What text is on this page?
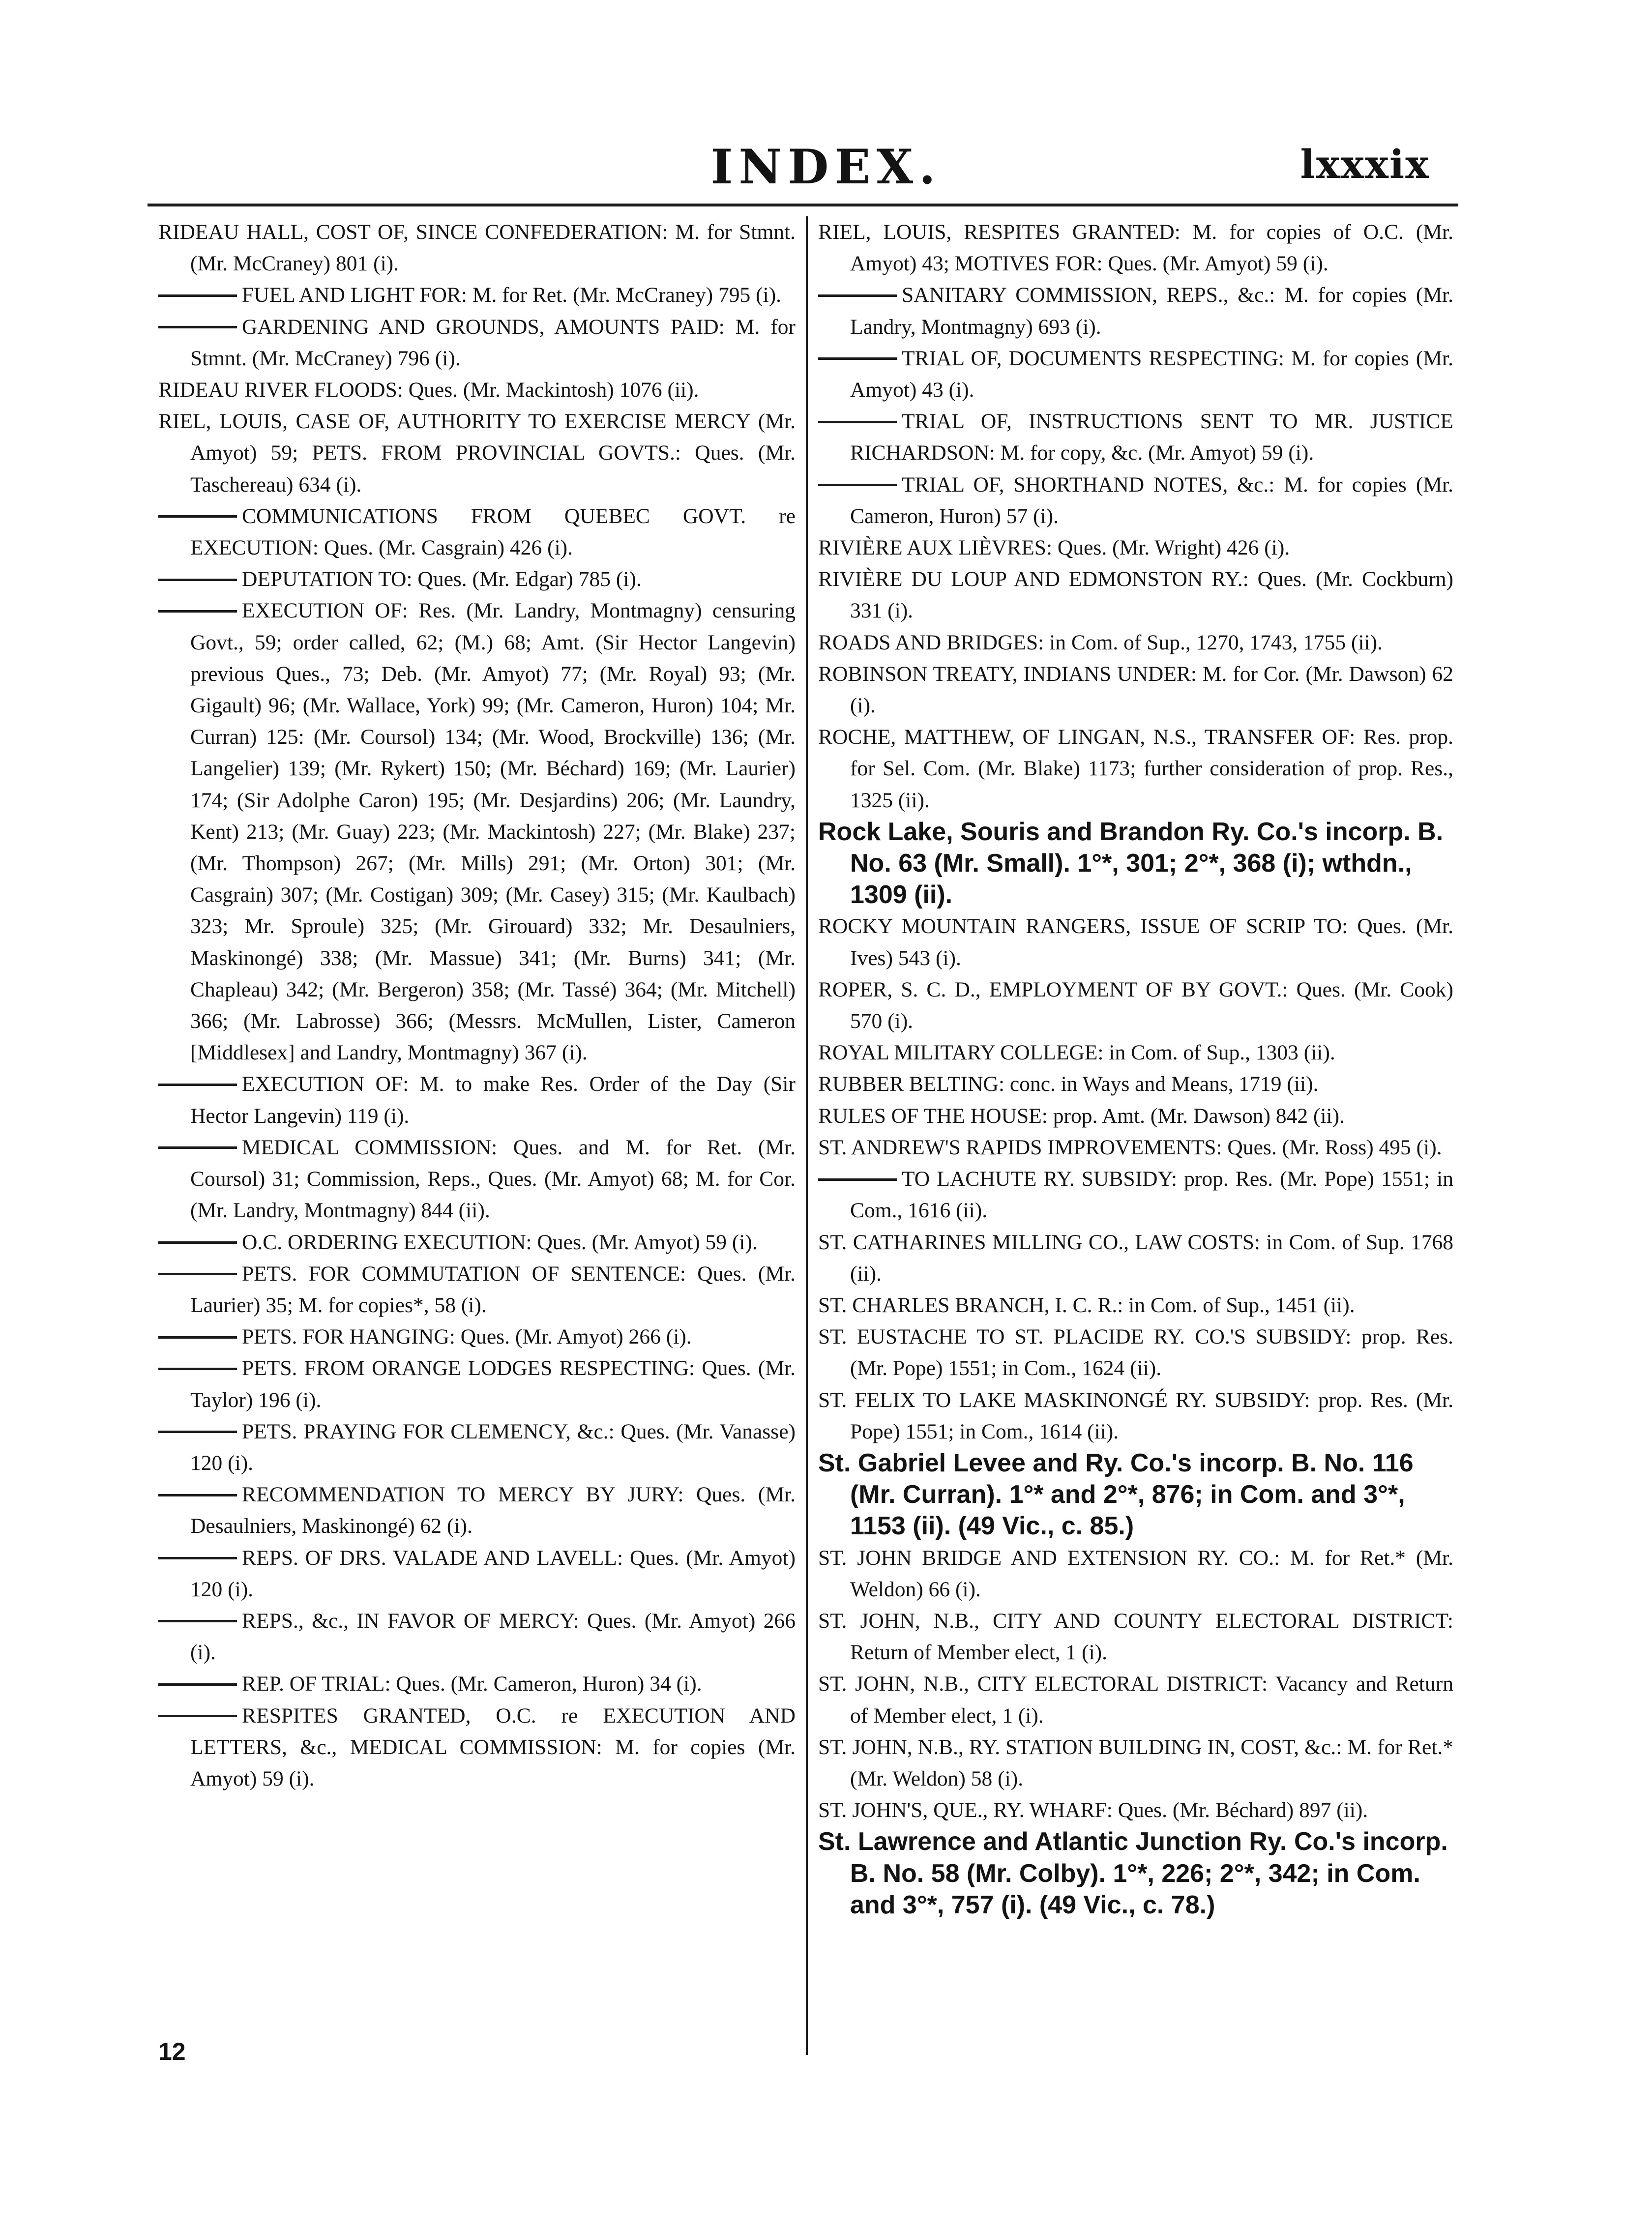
INDEX.	lxxxix

RIDEAU HALL, COST OF, SINCE CONFEDERATION: M. for Stmnt. (Mr. McCraney) 801 (i).

FUEL AND LIGHT FOR: M. for Ret. (Mr. McCraney) 795 (i).

GARDENING AND GROUNDS, AMOUNTS PAID: M. for Stmnt. (Mr. McCraney) 796 (i).

RIDEAU RIVER FLOODS: Ques. (Mr. Mackintosh) 1076 (ii).

RIEL, LOUIS, CASE OF, AUTHORITY TO EXERCISE MERCY (Mr. Amyot) 59; PETS. FROM PROVINCIAL GOVTS.: Ques. (Mr. Taschereau) 634 (i).

COMMUNICATIONS FROM QUEBEC GOVT. re EXECUTION: Ques. (Mr. Casgrain) 426 (i).

DEPUTATION TO: Ques. (Mr. Edgar) 785 (i).

EXECUTION OF: Res. (Mr. Landry, Montmagny) censuring Govt., 59; order called, 62; (M.) 68; Amt. (Sir Hector Langevin) previous Ques., 73; Deb. (Mr. Amyot) 77; (Mr. Royal) 93; (Mr. Gigault) 96; (Mr. Wallace, York) 99; (Mr. Cameron, Huron) 104; Mr. Curran) 125: (Mr. Coursol) 134; (Mr. Wood, Brockville) 136; (Mr. Langelier) 139; (Mr. Rykert) 150; (Mr. Béchard) 169; (Mr. Laurier) 174; (Sir Adolphe Caron) 195; (Mr. Desjardins) 206; (Mr. Laundry, Kent) 213; (Mr. Guay) 223; (Mr. Mackintosh) 227; (Mr. Blake) 237; (Mr. Thompson) 267; (Mr. Mills) 291; (Mr. Orton) 301; (Mr. Casgrain) 307; (Mr. Costigan) 309; (Mr. Casey) 315; (Mr. Kaulbach) 323; Mr. Sproule) 325; (Mr. Girouard) 332; Mr. Desaulniers, Maskinongé) 338; (Mr. Massue) 341; (Mr. Burns) 341; (Mr. Chapleau) 342; (Mr. Bergeron) 358; (Mr. Tassé) 364; (Mr. Mitchell) 366; (Mr. Labrosse) 366; (Messrs. McMullen, Lister, Cameron [Middlesex] and Landry, Montmagny) 367 (i).

EXECUTION OF: M. to make Res. Order of the Day (Sir Hector Langevin) 119 (i).

MEDICAL COMMISSION: Ques. and M. for Ret. (Mr. Coursol) 31; Commission, Reps., Ques. (Mr. Amyot) 68; M. for Cor. (Mr. Landry, Montmagny) 844 (ii).

O.C. ORDERING EXECUTION: Ques. (Mr. Amyot) 59 (i).

PETS. FOR COMMUTATION OF SENTENCE: Ques. (Mr. Laurier) 35; M. for copies*, 58 (i).

PETS. FOR HANGING: Ques. (Mr. Amyot) 266 (i).

PETS. FROM ORANGE LODGES RESPECTING: Ques. (Mr. Taylor) 196 (i).

PETS. PRAYING FOR CLEMENCY, &c.: Ques. (Mr. Vanasse) 120 (i).

RECOMMENDATION TO MERCY BY JURY: Ques. (Mr. Desaulniers, Maskinongé) 62 (i).

REPS. OF DRS. VALADE AND LAVELL: Ques. (Mr. Amyot) 120 (i).

REPS., &c., IN FAVOR OF MERCY: Ques. (Mr. Amyot) 266 (i).

REP. OF TRIAL: Ques. (Mr. Cameron, Huron) 34 (i).

RESPITES GRANTED, O.C. re EXECUTION AND LETTERS, &c., MEDICAL COMMISSION: M. for copies (Mr. Amyot) 59 (i).

RIEL, LOUIS, RESPITES GRANTED: M. for copies of O.C. (Mr. Amyot) 43; MOTIVES FOR: Ques. (Mr. Amyot) 59 (i).

SANITARY COMMISSION, REPS., &c.: M. for copies (Mr. Landry, Montmagny) 693 (i).

TRIAL OF, DOCUMENTS RESPECTING: M. for copies (Mr. Amyot) 43 (i).

TRIAL OF, INSTRUCTIONS SENT TO MR. JUSTICE RICHARDSON: M. for copy, &c. (Mr. Amyot) 59 (i).

TRIAL OF, SHORTHAND NOTES, &c.: M. for copies (Mr. Cameron, Huron) 57 (i).

RIVIÈRE AUX LIÈVRES: Ques. (Mr. Wright) 426 (i).

RIVIÈRE DU LOUP AND EDMONSTON RY.: Ques. (Mr. Cockburn) 331 (i).

ROADS AND BRIDGES: in Com. of Sup., 1270, 1743, 1755 (ii).

ROBINSON TREATY, INDIANS UNDER: M. for Cor. (Mr. Dawson) 62 (i).

ROCHE, MATTHEW, OF LINGAN, N.S., TRANSFER OF: Res. prop. for Sel. Com. (Mr. Blake) 1173; further consideration of prop. Res., 1325 (ii).

Rock Lake, Souris and Brandon Ry. Co.'s incorp. B. No. 63 (Mr. Small). 1°*, 301; 2°*, 368 (i); wthdn., 1309 (ii).

ROCKY MOUNTAIN RANGERS, ISSUE OF SCRIP TO: Ques. (Mr. Ives) 543 (i).

ROPER, S. C. D., EMPLOYMENT OF BY GOVT.: Ques. (Mr. Cook) 570 (i).

ROYAL MILITARY COLLEGE: in Com. of Sup., 1303 (ii).

RUBBER BELTING: conc. in Ways and Means, 1719 (ii).

RULES OF THE HOUSE: prop. Amt. (Mr. Dawson) 842 (ii).

ST. ANDREW'S RAPIDS IMPROVEMENTS: Ques. (Mr. Ross) 495 (i).

TO LACHUTE RY. SUBSIDY: prop. Res. (Mr. Pope) 1551; in Com., 1616 (ii).

ST. CATHARINES MILLING CO., LAW COSTS: in Com. of Sup. 1768 (ii).

ST. CHARLES BRANCH, I. C. R.: in Com. of Sup., 1451 (ii).

ST. EUSTACHE TO ST. PLACIDE RY. CO.'S SUBSIDY: prop. Res. (Mr. Pope) 1551; in Com., 1624 (ii).

ST. FELIX TO LAKE MASKINONGÉ RY. SUBSIDY: prop. Res. (Mr. Pope) 1551; in Com., 1614 (ii).

St. Gabriel Levee and Ry. Co.'s incorp. B. No. 116 (Mr. Curran). 1°* and 2°*, 876; in Com. and 3°*, 1153 (ii). (49 Vic., c. 85.)

ST. JOHN BRIDGE AND EXTENSION RY. CO.: M. for Ret.* (Mr. Weldon) 66 (i).

ST. JOHN, N.B., CITY AND COUNTY ELECTORAL DISTRICT: Return of Member elect, 1 (i).

ST. JOHN, N.B., CITY ELECTORAL DISTRICT: Vacancy and Return of Member elect, 1 (i).

ST. JOHN, N.B., RY. STATION BUILDING IN, COST, &c.: M. for Ret.* (Mr. Weldon) 58 (i).

ST. JOHN'S, QUE., RY. WHARF: Ques. (Mr. Béchard) 897 (ii).

St. Lawrence and Atlantic Junction Ry. Co.'s incorp. B. No. 58 (Mr. Colby). 1°*, 226; 2°*, 342; in Com. and 3°*, 757 (i). (49 Vic., c. 78.)

12
